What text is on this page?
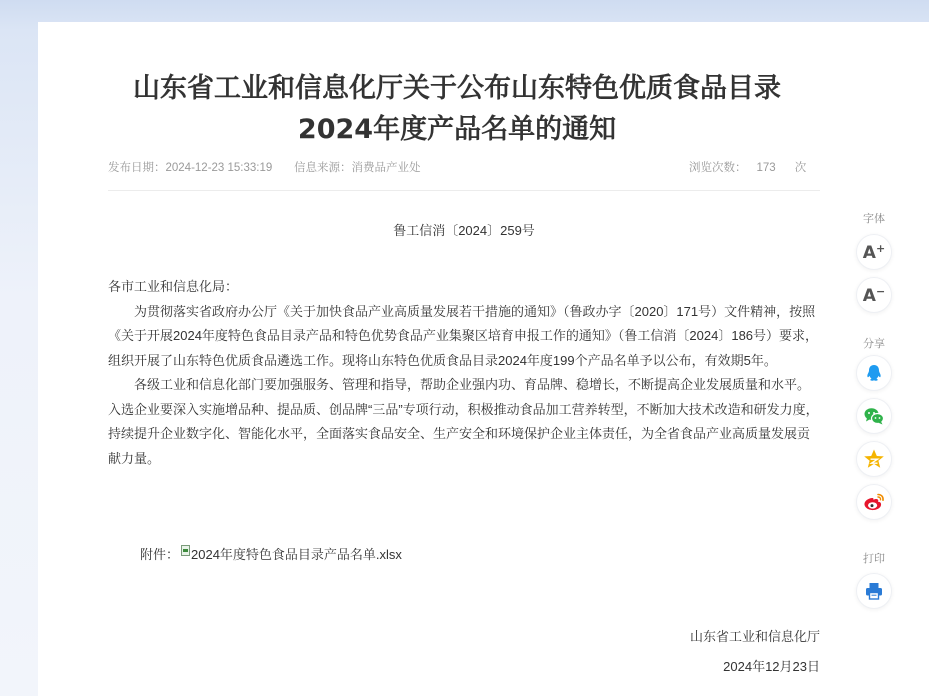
山东省工业和信息化厅关于公布山东特色优质食品目录
2024年度产品名单的通知
发布日期：2024-12-23 15:33:19 信息来源：消费品产业处	浏览次数： 173 次
鲁工信消〔2024〕259号

各市工业和信息化局：

为贯彻落实省政府办公厅《关于加快食品产业高质量发展若干措施的通知》（鲁政办字〔2020〕171号）文件精神，按照《关于开展2024年度特色食品目录产品和特色优势食品产业集聚区培育申报工作的通知》（鲁工信消〔2024〕186号）要求，组织开展了山东特色优质食品遴选工作。现将山东特色优质食品目录2024年度199个产品名单予以公布，有效期5年。

各级工业和信息化部门要加强服务、管理和指导，帮助企业强内功、育品牌、稳增长，不断提高企业发展质量和水平。入选企业要深入实施增品种、提品质、创品牌“三品”专项行动，积极推动食品加工营养转型，不断加大技术改造和研发力度，持续提升企业数字化、智能化水平，全面落实食品安全、生产安全和环境保护企业主体责任，为全省食品产业高质量发展贡献力量。

附件： 2024年度特色食品目录产品名单.xlsx
山东省工业和信息化厅
2024年12月23日
字体
A+
A−
分享
打印
